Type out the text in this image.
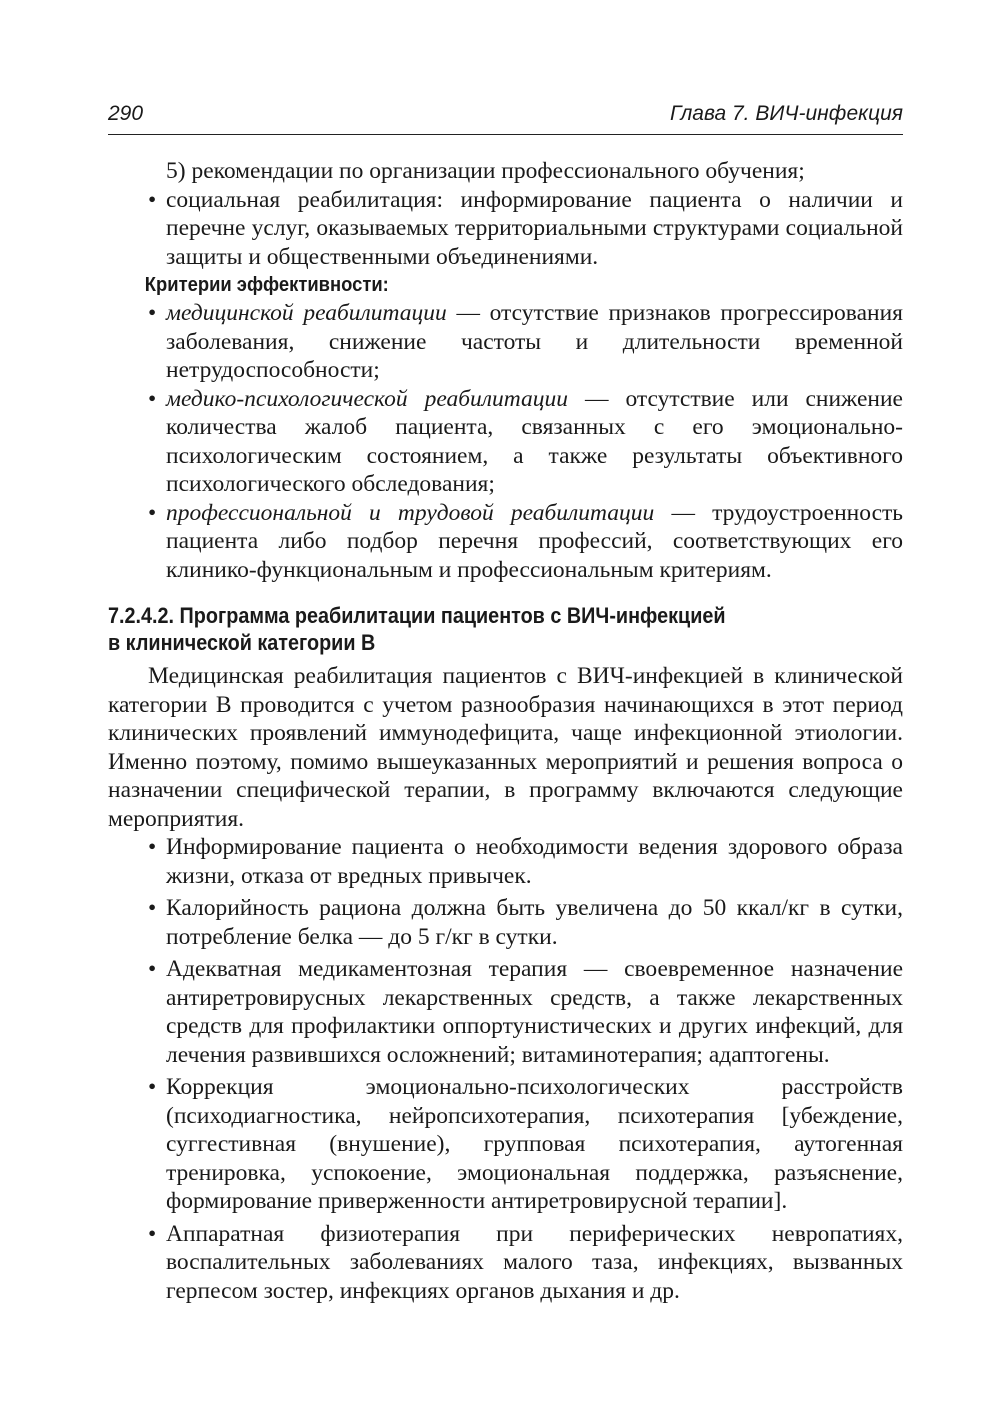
290	Глава 7. ВИЧ-инфекция

5) рекомендации по организации профессионального обучения;

• социальная реабилитация: информирование пациента о наличии и перечне услуг, оказываемых территориальными структурами социальной защиты и общественными объединениями.

Критерии эффективности:

• медицинской реабилитации — отсутствие признаков прогрессирования заболевания, снижение частоты и длительности временной нетрудоспособности;

• медико-психологической реабилитации — отсутствие или снижение количества жалоб пациента, связанных с его эмоционально-психологическим состоянием, а также результаты объективного психологического обследования;

• профессиональной и трудовой реабилитации — трудоустроенность пациента либо подбор перечня профессий, соответствующих его клинико-функциональным и профессиональным критериям.

7.2.4.2. Программа реабилитации пациентов с ВИЧ-инфекцией
в клинической категории В

Медицинская реабилитация пациентов с ВИЧ-инфекцией в клинической категории В проводится с учетом разнообразия начинающихся в этот период клинических проявлений иммунодефицита, чаще инфекционной этиологии. Именно поэтому, помимо вышеуказанных мероприятий и решения вопроса о назначении специфической терапии, в программу включаются следующие мероприятия.

• Информирование пациента о необходимости ведения здорового образа жизни, отказа от вредных привычек.

• Калорийность рациона должна быть увеличена до 50 ккал/кг в сутки, потребление белка — до 5 г/кг в сутки.

• Адекватная медикаментозная терапия — своевременное назначение антиретровирусных лекарственных средств, а также лекарственных средств для профилактики оппортунистических и других инфекций, для лечения развившихся осложнений; витаминотерапия; адаптогены.

• Коррекция эмоционально-психологических расстройств (психодиагностика, нейропсихотерапия, психотерапия [убеждение, суггестивная (внушение), групповая психотерапия, аутогенная тренировка, успокоение, эмоциональная поддержка, разъяснение, формирование приверженности антиретровирусной терапии].

• Аппаратная физиотерапия при периферических невропатиях, воспалительных заболеваниях малого таза, инфекциях, вызванных герпесом зостер, инфекциях органов дыхания и др.
